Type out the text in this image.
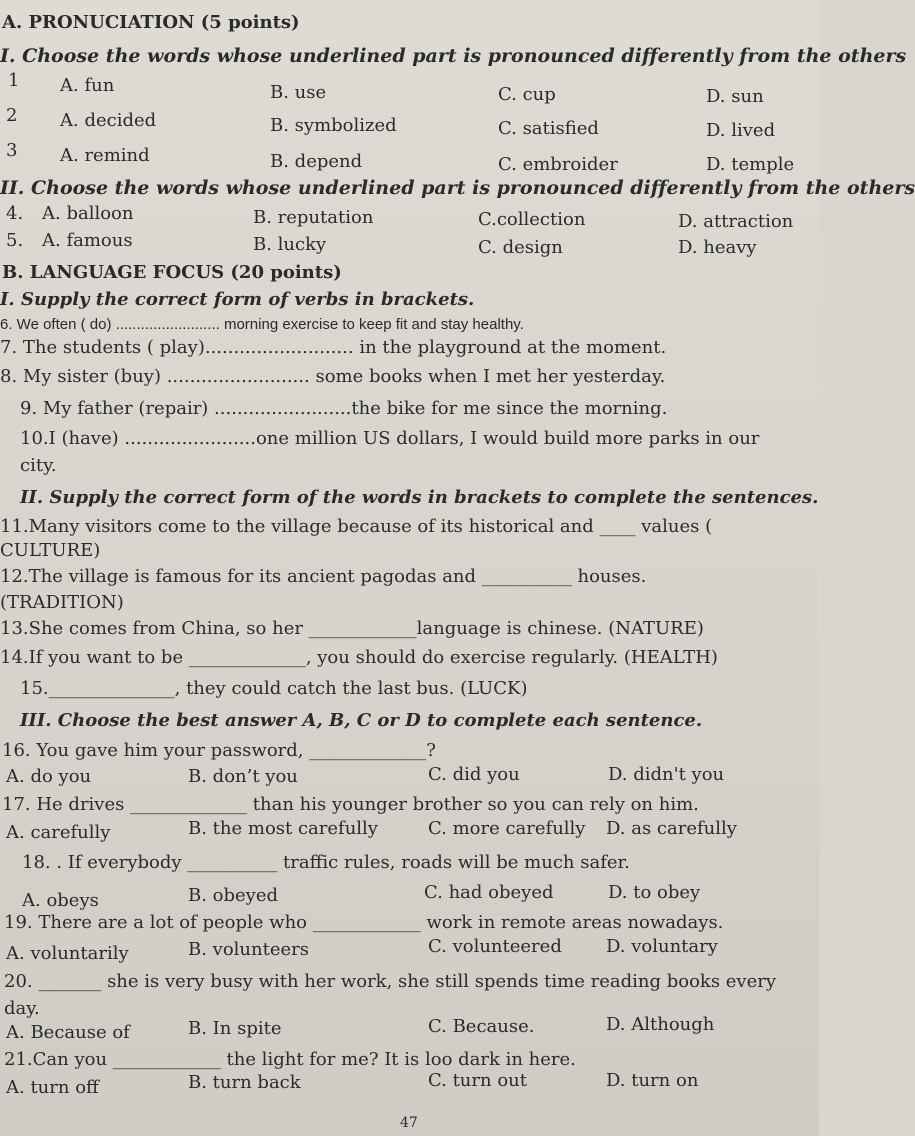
A. PRONUCIATION (5 points)
I. Choose the words whose underlined part is pronounced differently from the others
1 A. fun	B. use	C. cup	D. sun
2 A. decided	B. symbolized	C. satisfied	D. lived
3 A. remind	B. depend	C. embroider	D. temple
II. Choose the words whose underlined part is pronounced differently from the others
4. A. balloon	B. reputation	C.collection	D. attraction
5. A. famous	B. lucky	C. design	D. heavy
B. LANGUAGE FOCUS (20 points)
I. Supply the correct form of verbs in brackets.
6. We often ( do) ......................... morning exercise to keep fit and stay healthy.
7. The students ( play).......................... in the playground at the moment.
8. My sister (buy) ......................... some books when I met her yesterday.
9. My father (repair) ........................the bike for me since the morning.
10.I (have) .......................one million US dollars, I would build more parks in our
city.
II. Supply the correct form of the words in brackets to complete the sentences.
11.Many visitors come to the village because of its historical and ____ values (
CULTURE)
12.The village is famous for its ancient pagodas and __________ houses.
(TRADITION)
13.She comes from China, so her ____________language is chinese. (NATURE)
14.If you want to be _____________, you should do exercise regularly. (HEALTH)
15.______________, they could catch the last bus. (LUCK)
III. Choose the best answer A, B, C or D to complete each sentence.
16. You gave him your password, _____________?
A. do you	B. don’t you	C. did you	D. didn't you
17. He drives _____________ than his younger brother so you can rely on him.
A. carefully	B. the most carefully	C. more carefully D. as carefully
18. . If everybody __________ traffic rules, roads will be much safer.
A. obeys	B. obeyed	C. had obeyed	D. to obey
19. There are a lot of people who ____________ work in remote areas nowadays.
A. voluntarily	B. volunteers	C. volunteered D. voluntary
20. _______ she is very busy with her work, she still spends time reading books every
day.
A. Because of	B. In spite	C. Because.	D. Although
21.Can you ____________ the light for me? It is loo dark in here.
A. turn off	B. turn back	C. turn out	D. turn on
47
